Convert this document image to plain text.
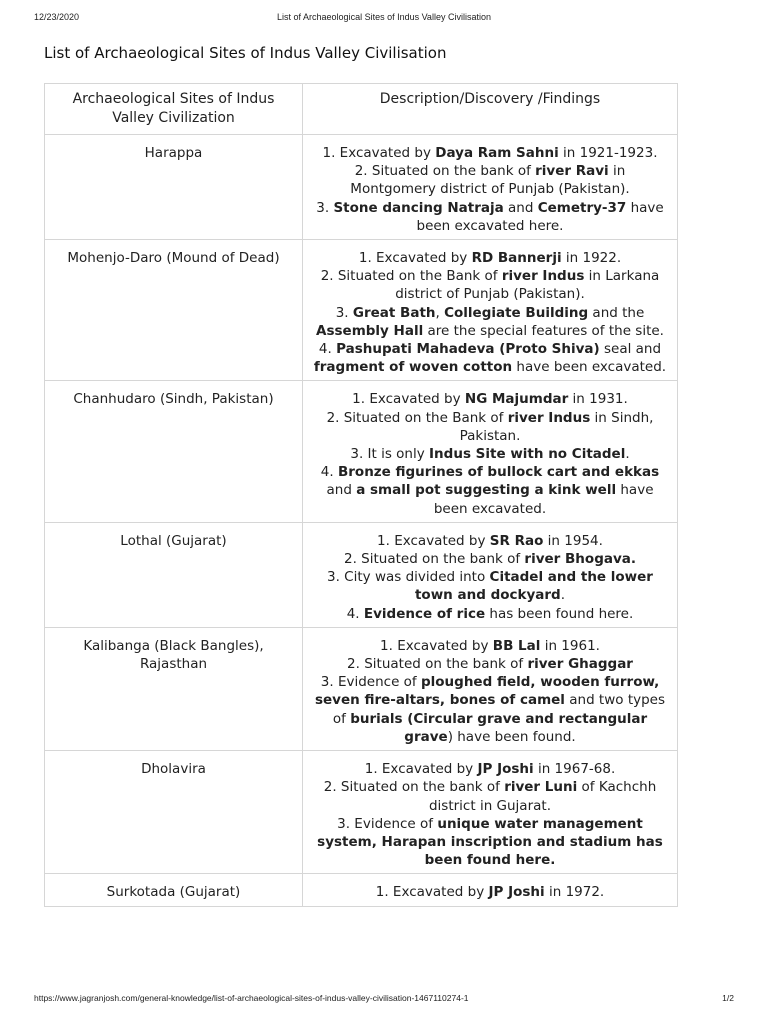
12/23/2020	List of Archaeological Sites of Indus Valley Civilisation
List of Archaeological Sites of Indus Valley Civilisation
Archaeological Sites of Indus Valley Civilization	Description/Discovery /Findings
Harappa	1. Excavated by Daya Ram Sahni in 1921-1923.
2. Situated on the bank of river Ravi in Montgomery district of Punjab (Pakistan).
3. Stone dancing Natraja and Cemetry-37 have been excavated here.

Mohenjo-Daro (Mound of Dead)	1. Excavated by RD Bannerji in 1922.
2. Situated on the Bank of river Indus in Larkana district of Punjab (Pakistan).
3. Great Bath, Collegiate Building and the Assembly Hall are the special features of the site.
4. Pashupati Mahadeva (Proto Shiva) seal and fragment of woven cotton have been excavated.

Chanhudaro (Sindh, Pakistan)	1. Excavated by NG Majumdar in 1931.
2. Situated on the Bank of river Indus in Sindh, Pakistan.
3. It is only Indus Site with no Citadel.
4. Bronze figurines of bullock cart and ekkas and a small pot suggesting a kink well have been excavated.

Lothal (Gujarat)	1. Excavated by SR Rao in 1954.
2. Situated on the bank of river Bhogava.
3. City was divided into Citadel and the lower town and dockyard.
4. Evidence of rice has been found here.

Kalibanga (Black Bangles), Rajasthan	1. Excavated by BB Lal in 1961.
2. Situated on the bank of river Ghaggar
3. Evidence of ploughed field, wooden furrow, seven fire-altars, bones of camel and two types of burials (Circular grave and rectangular grave) have been found.

Dholavira	1. Excavated by JP Joshi in 1967-68.
2. Situated on the bank of river Luni of Kachchh district in Gujarat.
3. Evidence of unique water management system, Harapan inscription and stadium has been found here.

Surkotada (Gujarat)	1. Excavated by JP Joshi in 1972.
https://www.jagranjosh.com/general-knowledge/list-of-archaeological-sites-of-indus-valley-civilisation-1467110274-1	1/2
